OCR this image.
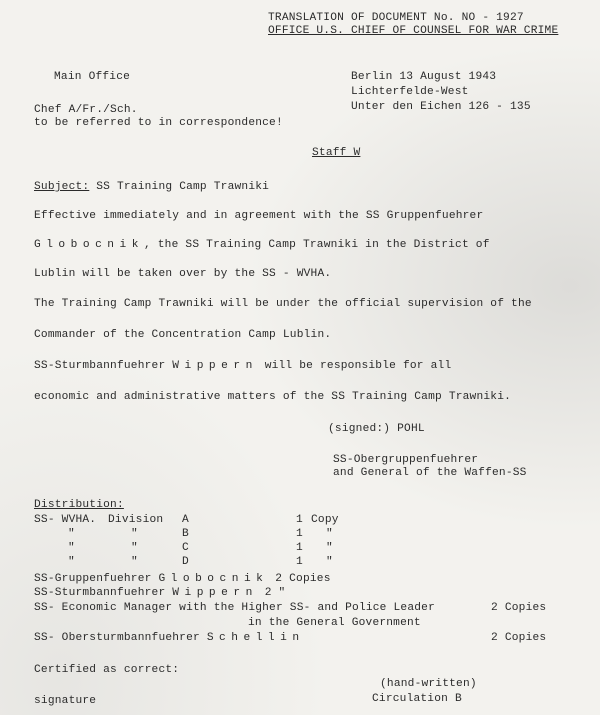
TRANSLATION OF DOCUMENT No. NO - 1927
OFFICE U.S. CHIEF OF COUNSEL FOR WAR CRIME
Main Office
Chef A/Fr./Sch.
to be referred to in correspondence!
Berlin 13 August 1943
Lichterfelde-West
Unter den Eichen 126 - 135
Staff W
Subject: SS Training Camp Trawniki
Effective immediately and in agreement with the SS Gruppenfuehrer
Globocnik, the SS Training Camp Trawniki in the District of
Lublin will be taken over by the SS - WVHA.
The Training Camp Trawniki will be under the official supervision of the
Commander of the Concentration Camp Lublin.
SS-Sturmbannfuehrer Wippern will be responsible for all
economic and administrative matters of the SS Training Camp Trawniki.
(signed:) POHL
SS-Obergruppenfuehrer
and General of the Waffen-SS
Distribution:
SS- WVHA. Division A	1 Copy
"	"	B	1 "
"	"	C	1 "
"	"	D	1 "
SS-Gruppenfuehrer Globocnik 2 Copies
SS-Sturmbannfuehrer Wippern 2 "
SS- Economic Manager with the Higher SS- and Police Leader	2 Copies
in the General Government
SS- Obersturmbannfuehrer Schellin	2 Copies
Certified as correct:
(hand-written)
signature	Circulation B
